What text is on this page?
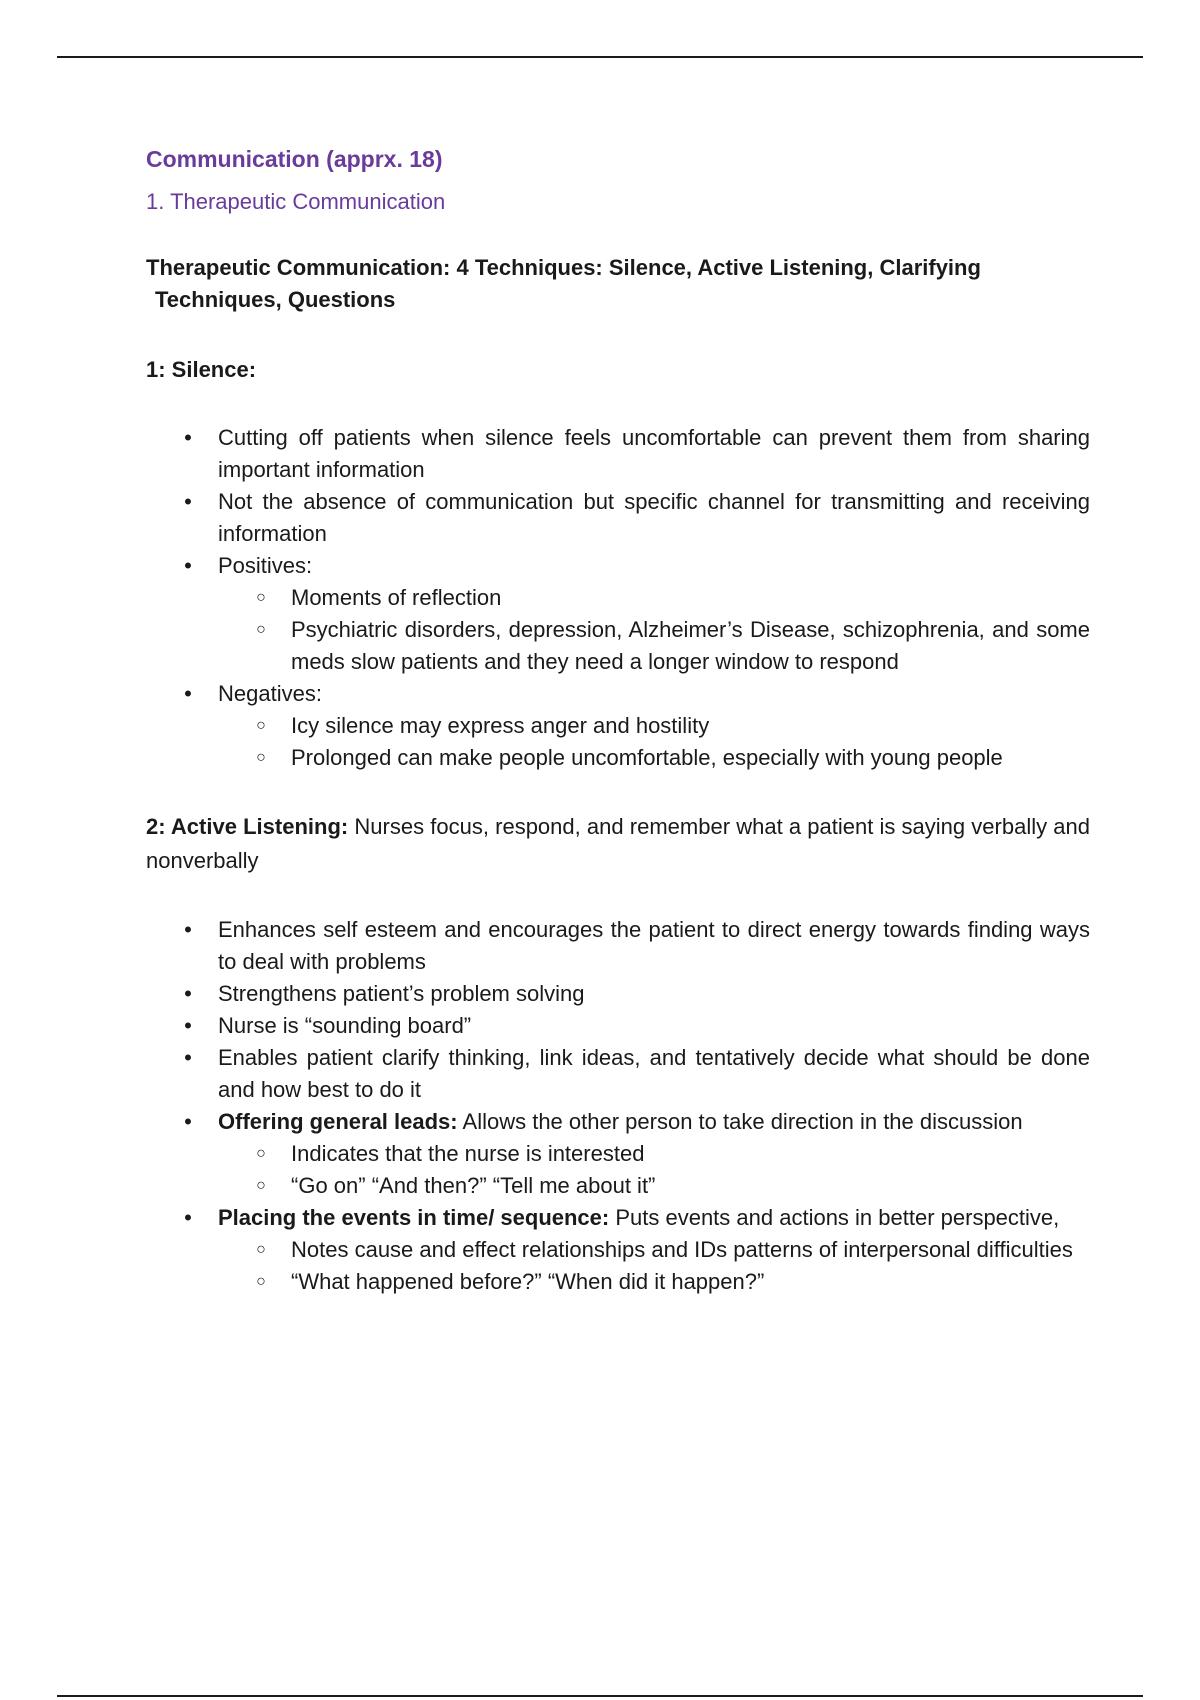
Communication (apprx. 18)

1. Therapeutic Communication

Therapeutic Communication: 4 Techniques: Silence, Active Listening, Clarifying
Techniques, Questions

1: Silence:

• Cutting off patients when silence feels uncomfortable can prevent them from sharing important information
• Not the absence of communication but specific channel for transmitting and receiving information
• Positives:
○ Moments of reflection
○ Psychiatric disorders, depression, Alzheimer’s Disease, schizophrenia, and some meds slow patients and they need a longer window to respond
• Negatives:
○ Icy silence may express anger and hostility
○ Prolonged can make people uncomfortable, especially with young people

2: Active Listening: Nurses focus, respond, and remember what a patient is saying verbally and nonverbally

• Enhances self esteem and encourages the patient to direct energy towards finding ways to deal with problems
• Strengthens patient’s problem solving
• Nurse is “sounding board”
• Enables patient clarify thinking, link ideas, and tentatively decide what should be done and how best to do it
• Offering general leads: Allows the other person to take direction in the discussion
○ Indicates that the nurse is interested
○ “Go on” “And then?” “Tell me about it”
• Placing the events in time/ sequence: Puts events and actions in better perspective,
○ Notes cause and effect relationships and IDs patterns of interpersonal difficulties
○ “What happened before?” “When did it happen?”
